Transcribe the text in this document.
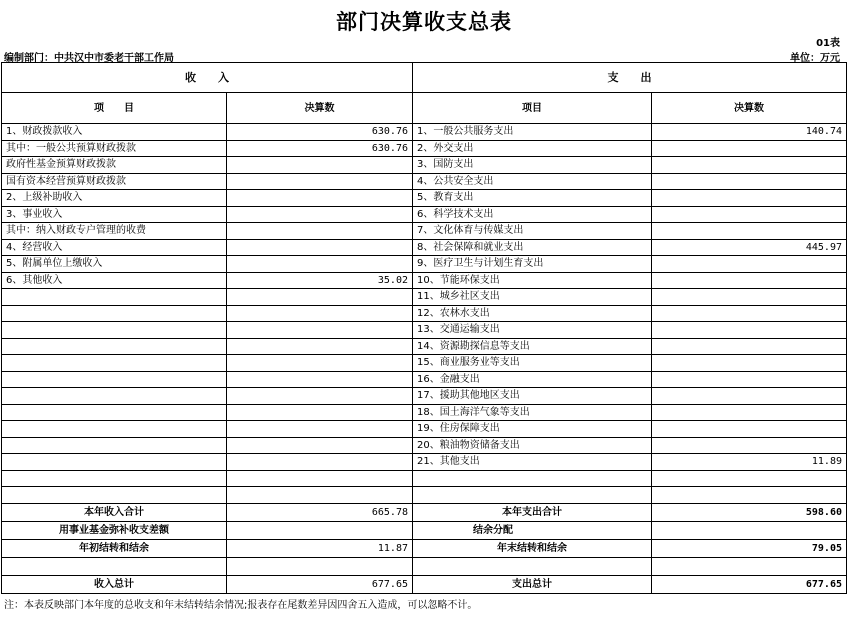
部门决算收支总表
01表
编制部门：中共汉中市委老干部工作局	单位：万元
收　　入		支　　出	
项　　目	决算数	项目	决算数
1、财政拨款收入	630.76	1、一般公共服务支出	140.74
其中：一般公共预算财政拨款	630.76	2、外交支出	
政府性基金预算财政拨款		3、国防支出	
国有资本经营预算财政拨款		4、公共安全支出	
2、上级补助收入		5、教育支出	
3、事业收入		6、科学技术支出	
其中：纳入财政专户管理的收费		7、文化体育与传媒支出	
4、经营收入		8、社会保障和就业支出	445.97
5、附属单位上缴收入		9、医疗卫生与计划生育支出	
6、其他收入	35.02	10、节能环保支出	
		11、城乡社区支出	
		12、农林水支出	
		13、交通运输支出	
		14、资源勘探信息等支出	
		15、商业服务业等支出	
		16、金融支出	
		17、援助其他地区支出	
		18、国土海洋气象等支出	
		19、住房保障支出	
		20、粮油物资储备支出	
		21、其他支出	11.89

本年收入合计	665.78	本年支出合计	598.60
用事业基金弥补收支差额		结余分配	
年初结转和结余	11.87	年末结转和结余	79.05

收入总计	677.65	支出总计	677.65
注：本表反映部门本年度的总收支和年末结转结余情况;报表存在尾数差异因四舍五入造成，可以忽略不计。
